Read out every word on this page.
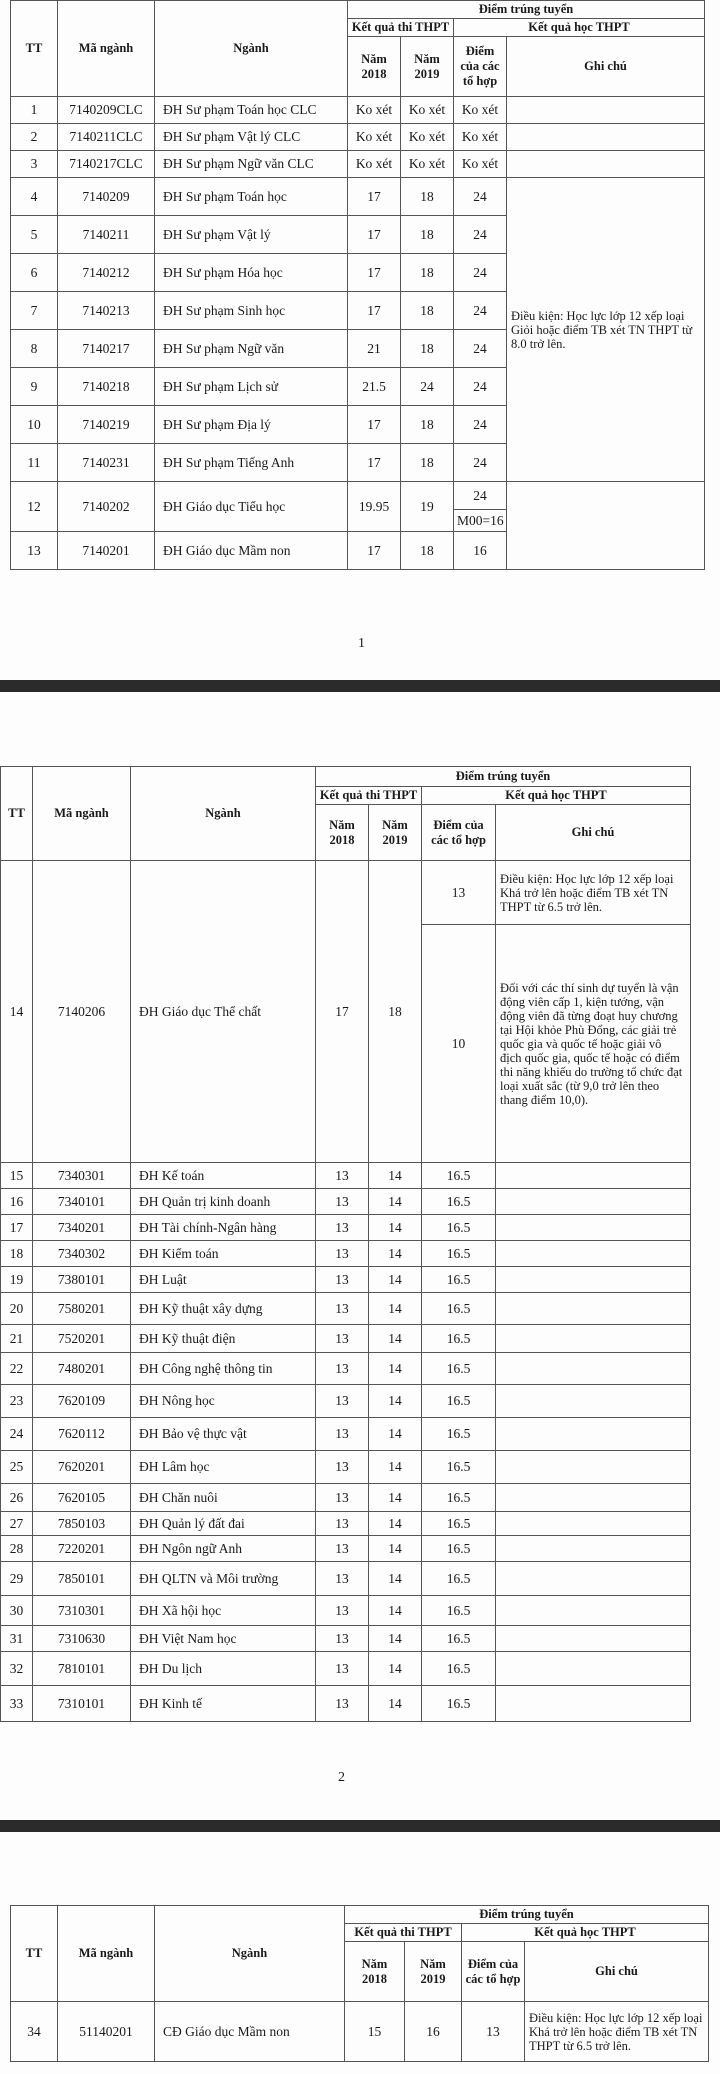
TT	Mã ngành	Ngành	Điểm trúng tuyển			
			Kết quả thi THPT		Kết quả học THPT	
			Năm 2018	Năm 2019	Điểm của các tổ hợp	Ghi chú
1	7140209CLC	ĐH Sư phạm Toán học CLC	Ko xét	Ko xét	Ko xét	
2	7140211CLC	ĐH Sư phạm Vật lý CLC	Ko xét	Ko xét	Ko xét	
3	7140217CLC	ĐH Sư phạm Ngữ văn CLC	Ko xét	Ko xét	Ko xét	
4	7140209	ĐH Sư phạm Toán học	17	18	24	Điều kiện: Học lực lớp 12 xếp loại Giỏi hoặc điểm TB xét TN THPT từ 8.0 trở lên.
5	7140211	ĐH Sư phạm Vật lý	17	18	24	
6	7140212	ĐH Sư phạm Hóa học	17	18	24	
7	7140213	ĐH Sư phạm Sinh học	17	18	24	
8	7140217	ĐH Sư phạm Ngữ văn	21	18	24	
9	7140218	ĐH Sư phạm Lịch sử	21.5	24	24	
10	7140219	ĐH Sư phạm Địa lý	17	18	24	
11	7140231	ĐH Sư phạm Tiếng Anh	17	18	24	
12	7140202	ĐH Giáo dục Tiểu học	19.95	19	24	
					M00=16	
13	7140201	ĐH Giáo dục Mầm non	17	18	16	
1
TT	Mã ngành	Ngành	Điểm trúng tuyển			
			Kết quả thi THPT		Kết quả học THPT	
			Năm 2018	Năm 2019	Điểm của các tổ hợp	Ghi chú
14	7140206	ĐH Giáo dục Thể chất	17	18	13	Điều kiện: Học lực lớp 12 xếp loại Khá trở lên hoặc điểm TB xét TN THPT từ 6.5 trở lên.
					10	Đối với các thí sinh dự tuyển là vận động viên cấp 1, kiện tướng, vận động viên đã từng đoạt huy chương tại Hội khỏe Phù Đổng, các giải trẻ quốc gia và quốc tế hoặc giải vô địch quốc gia, quốc tế hoặc có điểm thi năng khiếu do trường tổ chức đạt loại xuất sắc (từ 9,0 trở lên theo thang điểm 10,0).
15	7340301	ĐH Kế toán	13	14	16.5	
16	7340101	ĐH Quản trị kinh doanh	13	14	16.5	
17	7340201	ĐH Tài chính-Ngân hàng	13	14	16.5	
18	7340302	ĐH Kiểm toán	13	14	16.5	
19	7380101	ĐH Luật	13	14	16.5	
20	7580201	ĐH Kỹ thuật xây dựng	13	14	16.5	
21	7520201	ĐH Kỹ thuật điện	13	14	16.5	
22	7480201	ĐH Công nghệ thông tin	13	14	16.5	
23	7620109	ĐH Nông học	13	14	16.5	
24	7620112	ĐH Bảo vệ thực vật	13	14	16.5	
25	7620201	ĐH Lâm học	13	14	16.5	
26	7620105	ĐH Chăn nuôi	13	14	16.5	
27	7850103	ĐH Quản lý đất đai	13	14	16.5	
28	7220201	ĐH Ngôn ngữ Anh	13	14	16.5	
29	7850101	ĐH QLTN và Môi trường	13	14	16.5	
30	7310301	ĐH Xã hội học	13	14	16.5	
31	7310630	ĐH Việt Nam học	13	14	16.5	
32	7810101	ĐH Du lịch	13	14	16.5	
33	7310101	ĐH Kinh tế	13	14	16.5	
2
TT	Mã ngành	Ngành	Điểm trúng tuyển			
			Kết quả thi THPT		Kết quả học THPT	
			Năm 2018	Năm 2019	Điểm của các tổ hợp	Ghi chú
34	51140201	CĐ Giáo dục Mầm non	15	16	13	Điều kiện: Học lực lớp 12 xếp loại Khá trở lên hoặc điểm TB xét TN THPT từ 6.5 trở lên.
